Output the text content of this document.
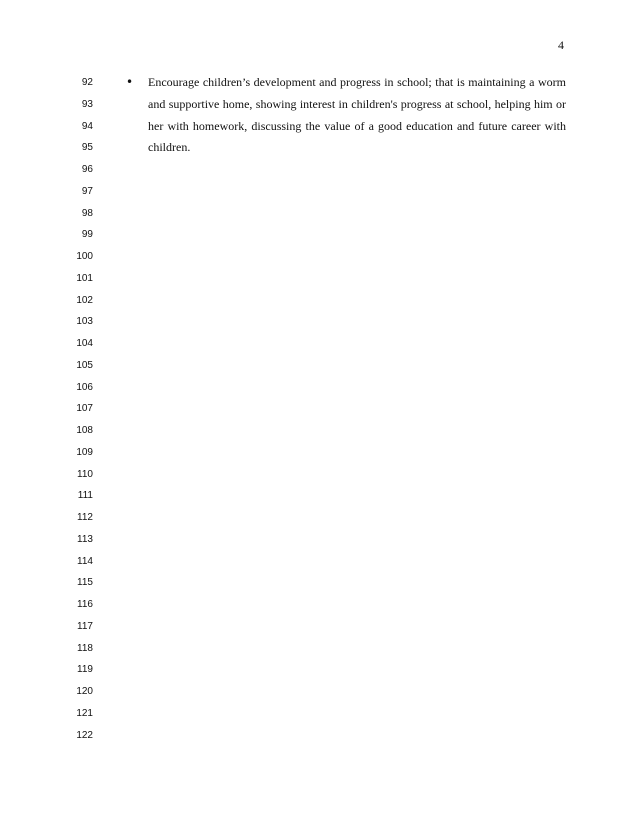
4
92
93
94
95
96
97
98
99
100
101
102
103
104
105
106
107
108
109
110
111
112
113
114
115
116
117
118
119
120
121
122
• Encourage children’s development and progress in school; that is maintaining a worm and supportive home, showing interest in children's progress at school, helping him or her with homework, discussing the value of a good education and future career with children.
